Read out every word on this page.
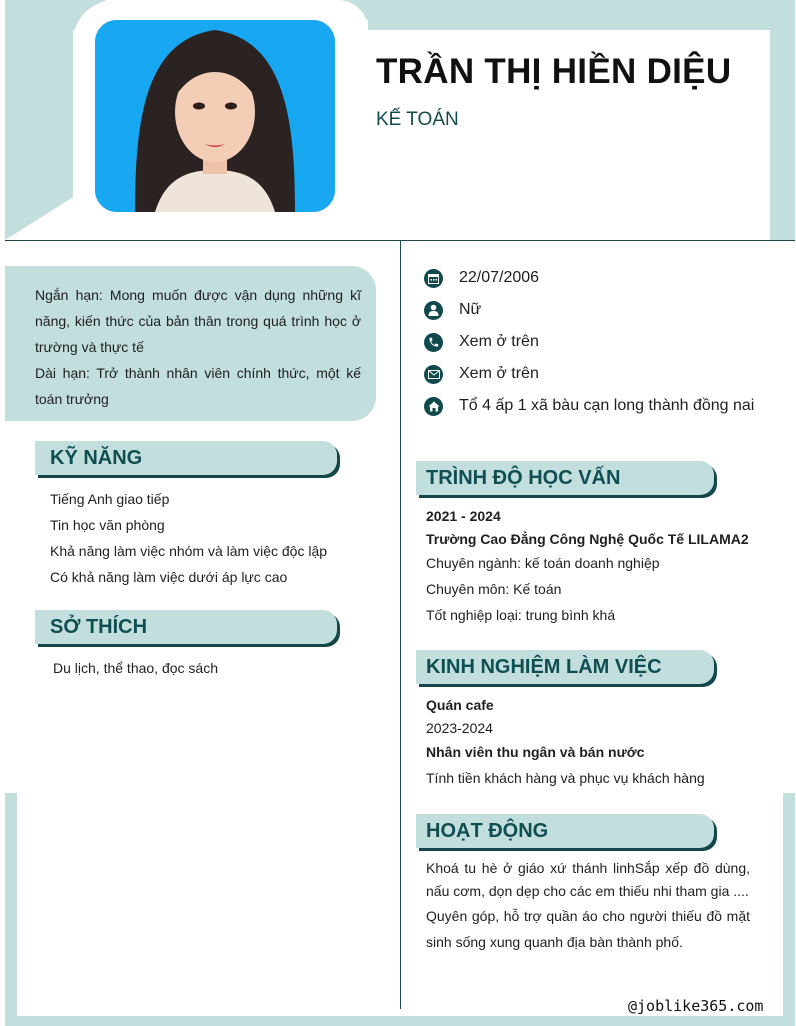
TRẦN THỊ HIỀN DIỆU
KẾ TOÁN

Ngắn hạn: Mong muốn được vận dụng những kĩ năng, kiến thức của bản thân trong quá trình học ở trường và thực tế

Dài hạn: Trở thành nhân viên chính thức, một kế toán trưởng

KỸ NĂNG
Tiếng Anh giao tiếp
Tin học văn phòng
Khả năng làm việc nhóm và làm việc độc lập
Có khả năng làm việc dưới áp lực cao
SỞ THÍCH
Du lịch, thể thao, đọc sách
22/07/2006
Nữ
Xem ở trên
Xem ở trên
Tổ 4 ấp 1 xã bàu cạn long thành đồng nai
TRÌNH ĐỘ HỌC VẤN
2021 - 2024
Trường Cao Đẳng Công Nghệ Quốc Tế LILAMA2
Chuyên ngành: kế toán doanh nghiệp
Chuyên môn: Kế toán
Tốt nghiệp loại: trung bình khá
KINH NGHIỆM LÀM VIỆC
Quán cafe
2023-2024
Nhân viên thu ngân và bán nước
Tính tiền khách hàng và phục vụ khách hàng
HOẠT ĐỘNG
Khoá tu hè ở giáo xứ thánh linhSắp xếp đồ dùng, nấu cơm, dọn dẹp cho các em thiếu nhi tham gia ....
Quyên góp, hỗ trợ quần áo cho người thiếu đồ mặt sinh sống xung quanh địa bàn thành phố.
@joblike365.com
